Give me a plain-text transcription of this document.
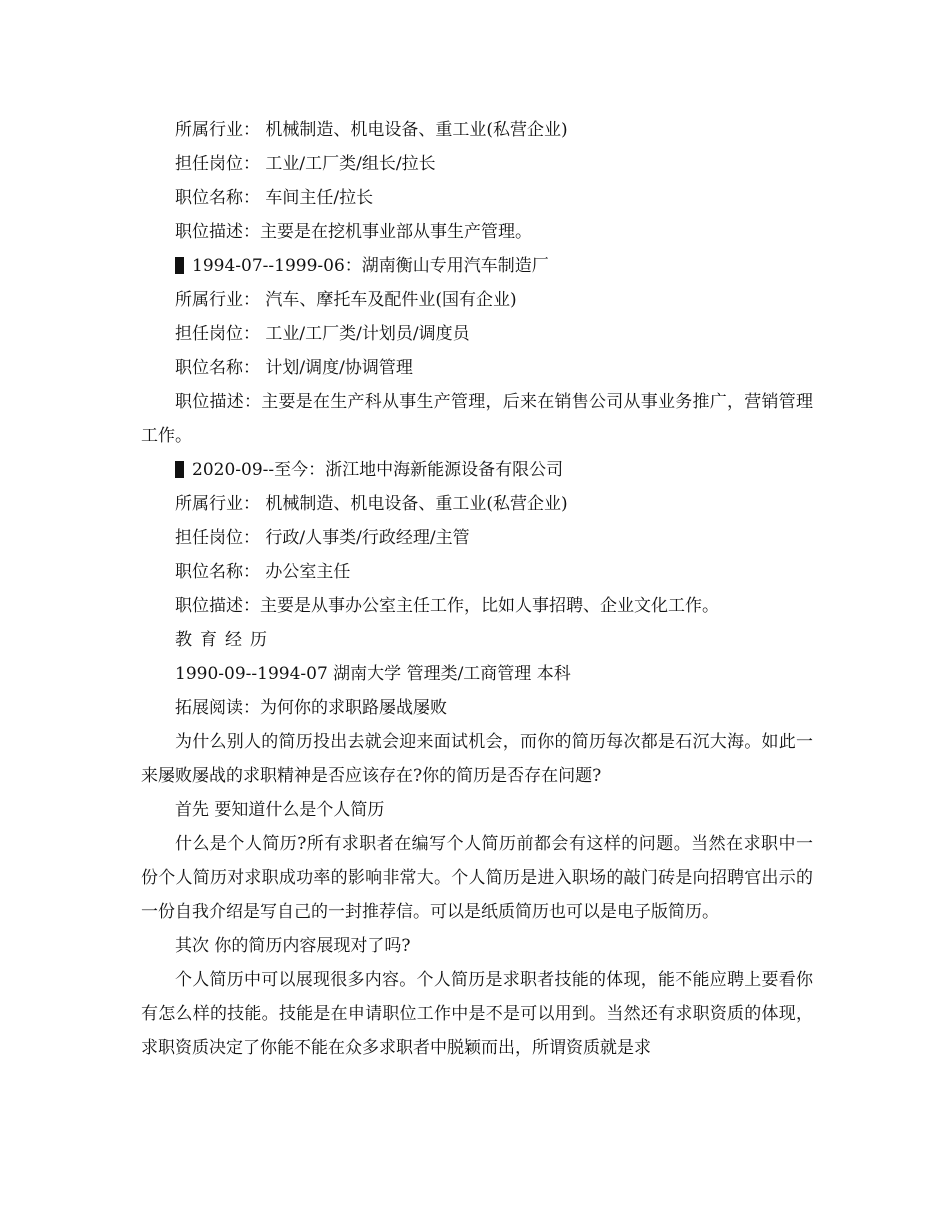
所属行业： 机械制造、机电设备、重工业(私营企业)
担任岗位： 工业/工厂类/组长/拉长
职位名称： 车间主任/拉长
职位描述：主要是在挖机事业部从事生产管理。
1994-07--1999-06：湖南衡山专用汽车制造厂
所属行业： 汽车、摩托车及配件业(国有企业)
担任岗位： 工业/工厂类/计划员/调度员
职位名称： 计划/调度/协调管理
职位描述：主要是在生产科从事生产管理，后来在销售公司从事业务推广，营销管理工作。
2020-09--至今：浙江地中海新能源设备有限公司
所属行业： 机械制造、机电设备、重工业(私营企业)
担任岗位： 行政/人事类/行政经理/主管
职位名称： 办公室主任
职位描述：主要是从事办公室主任工作，比如人事招聘、企业文化工作。
教育经历
1990-09--1994-07 湖南大学 管理类/工商管理 本科
拓展阅读：为何你的求职路屡战屡败
为什么别人的简历投出去就会迎来面试机会，而你的简历每次都是石沉大海。如此一来屡败屡战的求职精神是否应该存在?你的简历是否存在问题?
首先 要知道什么是个人简历
什么是个人简历?所有求职者在编写个人简历前都会有这样的问题。当然在求职中一份个人简历对求职成功率的影响非常大。个人简历是进入职场的敲门砖是向招聘官出示的一份自我介绍是写自己的一封推荐信。可以是纸质简历也可以是电子版简历。
其次 你的简历内容展现对了吗?
个人简历中可以展现很多内容。个人简历是求职者技能的体现，能不能应聘上要看你有怎么样的技能。技能是在申请职位工作中是不是可以用到。当然还有求职资质的体现，求职资质决定了你能不能在众多求职者中脱颖而出，所谓资质就是求
